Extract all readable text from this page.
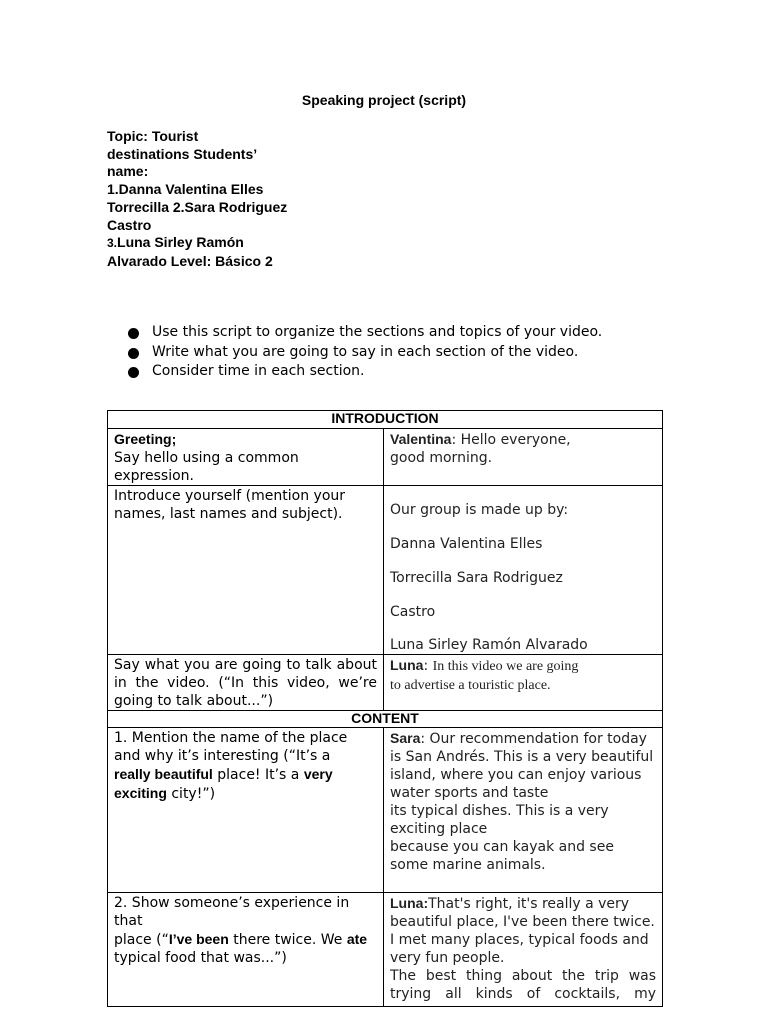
Speaking project (script)
Topic: Tourist
destinations Students’
name:
1.Danna Valentina Elles
Torrecilla 2.Sara Rodriguez
Castro
3.Luna Sirley Ramón
Alvarado Level: Básico 2
Use this script to organize the sections and topics of your video.
Write what you are going to say in each section of the video.
Consider time in each section.
INTRODUCTION	
Greeting;
Say hello using a common expression.	Valentina: Hello everyone, good morning.
Introduce yourself (mention your names, last names and subject).	Our group is made up by:

Danna Valentina Elles

Torrecilla Sara Rodriguez

Castro

Luna Sirley Ramón Alvarado

Say what you are going to talk about in the video. (“In this video, we’re going to talk about...”)	Luna: In this video we are going
to advertise a touristic place.
CONTENT	
1. Mention the name of the place and why it’s interesting (“It’s a really beautiful place! It’s a very exciting city!”)	Sara: Our recommendation for today is San Andrés. This is a very beautiful
island, where you can enjoy various water sports and taste
its typical dishes. This is a very exciting place
because you can kayak and see some marine animals.
2. Show someone’s experience in that
place (“I’ve been there twice. We ate
typical food that was...”)	Luna:That's right, it's really a very beautiful place, I've been there twice. I met many places, typical foods and very fun people.
The best thing about the trip was trying all kinds of cocktails, my
